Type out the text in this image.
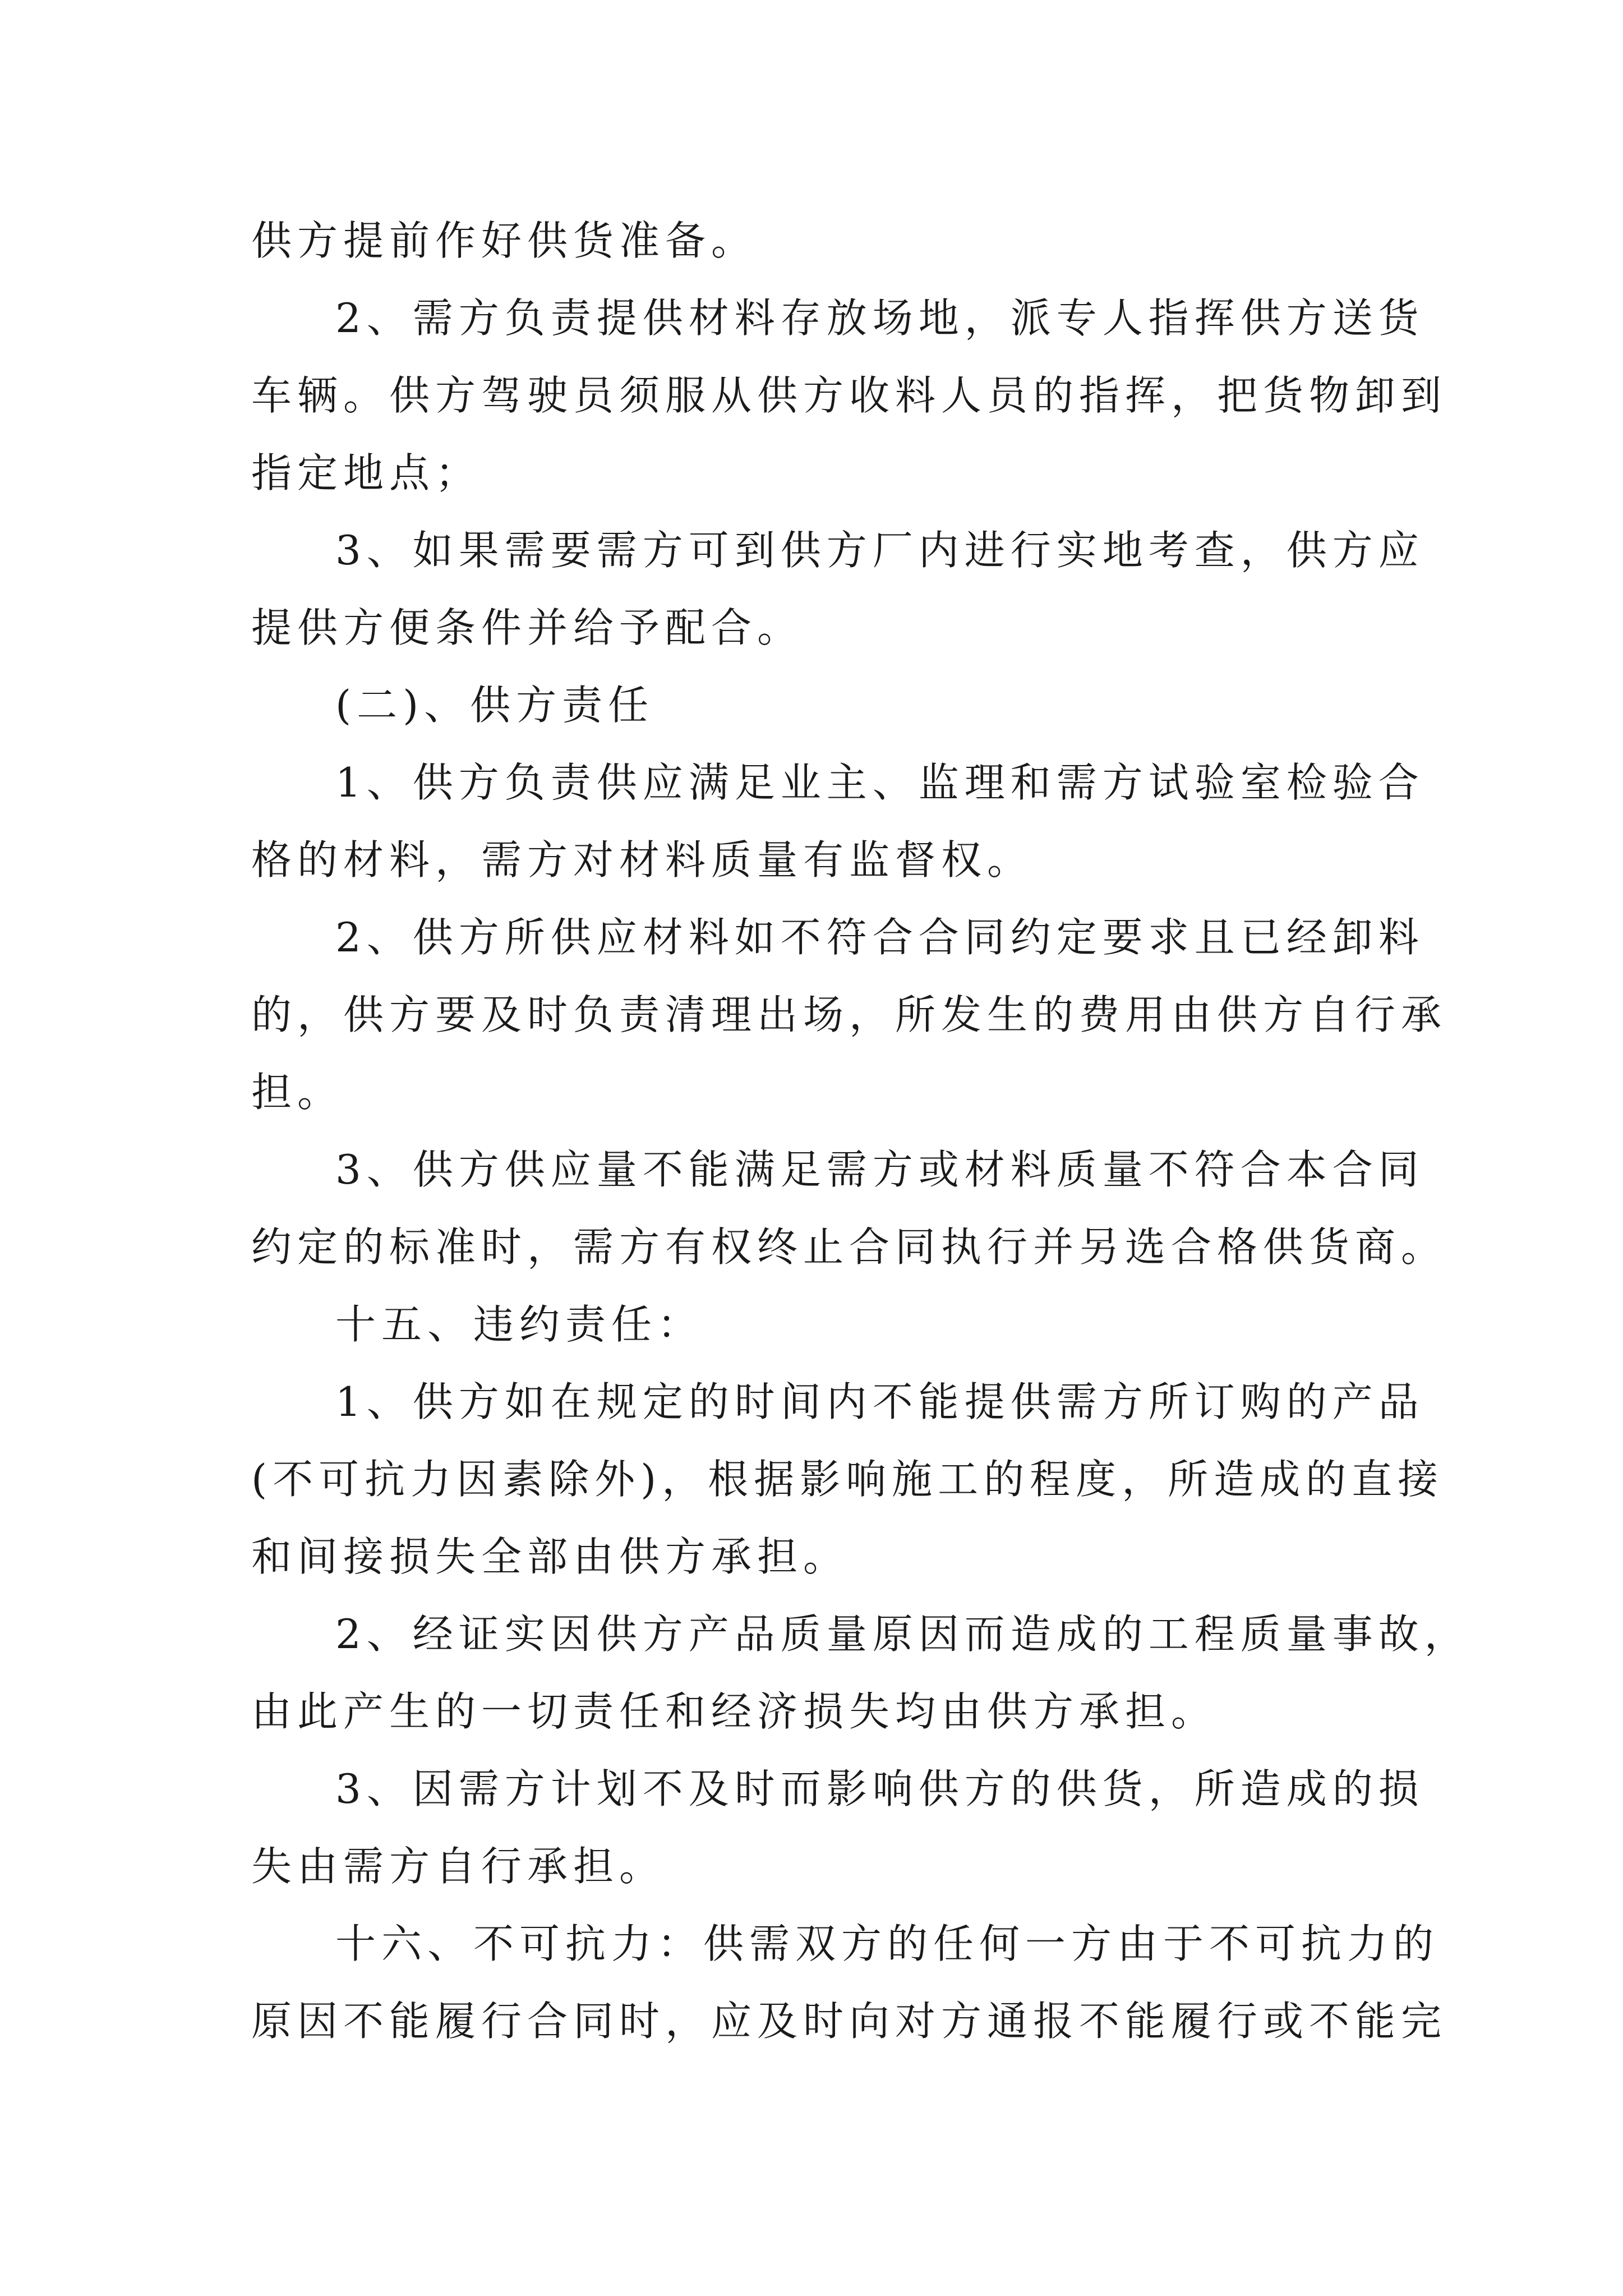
供方提前作好供货准备。
2、需方负责提供材料存放场地，派专人指挥供方送货
车辆。供方驾驶员须服从供方收料人员的指挥，把货物卸到
指定地点；
3、如果需要需方可到供方厂内进行实地考查，供方应
提供方便条件并给予配合。
(二)、供方责任
1、供方负责供应满足业主、监理和需方试验室检验合
格的材料，需方对材料质量有监督权。
2、供方所供应材料如不符合合同约定要求且已经卸料
的，供方要及时负责清理出场，所发生的费用由供方自行承
担。
3、供方供应量不能满足需方或材料质量不符合本合同
约定的标准时，需方有权终止合同执行并另选合格供货商。
十五、违约责任：
1、供方如在规定的时间内不能提供需方所订购的产品
(不可抗力因素除外)，根据影响施工的程度，所造成的直接
和间接损失全部由供方承担。
2、经证实因供方产品质量原因而造成的工程质量事故，
由此产生的一切责任和经济损失均由供方承担。
3、因需方计划不及时而影响供方的供货，所造成的损
失由需方自行承担。
十六、不可抗力：供需双方的任何一方由于不可抗力的
原因不能履行合同时，应及时向对方通报不能履行或不能完
